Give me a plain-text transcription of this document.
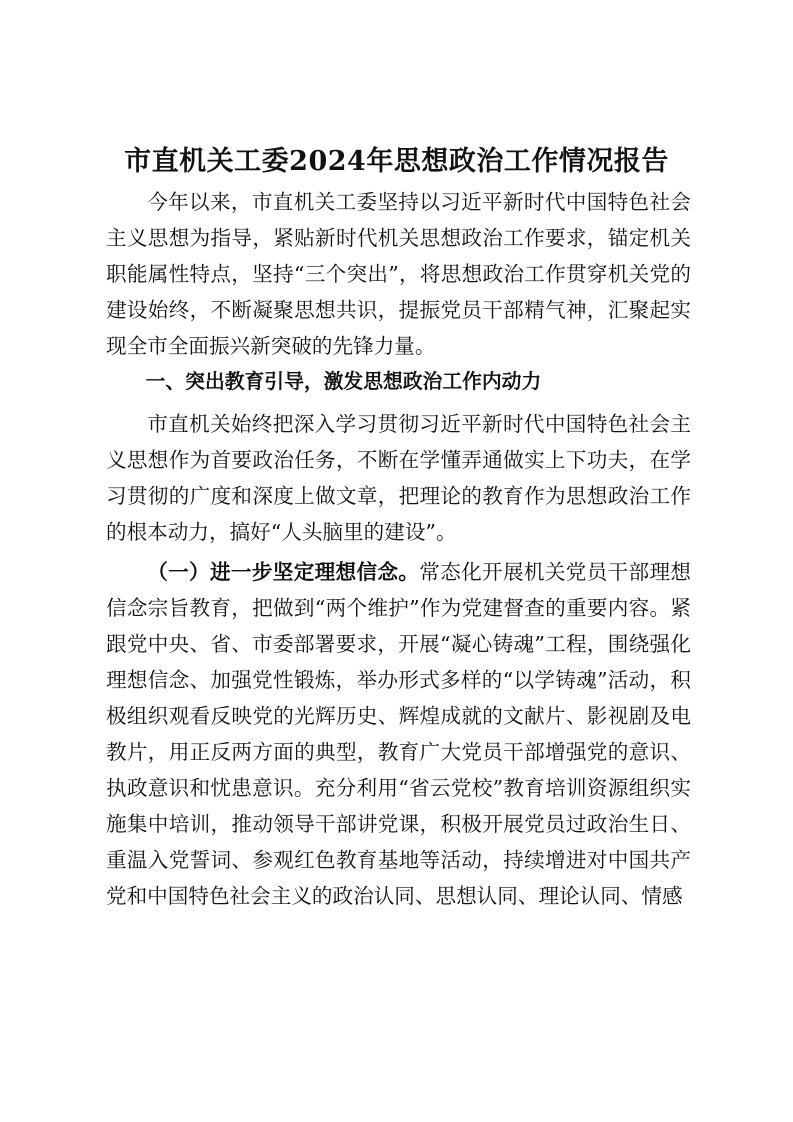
市直机关工委2024年思想政治工作情况报告

今年以来，市直机关工委坚持以习近平新时代中国特色社会主义思想为指导，紧贴新时代机关思想政治工作要求，锚定机关职能属性特点，坚持“三个突出”，将思想政治工作贯穿机关党的建设始终，不断凝聚思想共识，提振党员干部精气神，汇聚起实现全市全面振兴新突破的先锋力量。

一、突出教育引导，激发思想政治工作内动力

市直机关始终把深入学习贯彻习近平新时代中国特色社会主义思想作为首要政治任务，不断在学懂弄通做实上下功夫，在学习贯彻的广度和深度上做文章，把理论的教育作为思想政治工作的根本动力，搞好“人头脑里的建设”。

（一）进一步坚定理想信念。常态化开展机关党员干部理想信念宗旨教育，把做到“两个维护”作为党建督查的重要内容。紧跟党中央、省、市委部署要求，开展“凝心铸魂”工程，围绕强化理想信念、加强党性锻炼，举办形式多样的“以学铸魂”活动，积极组织观看反映党的光辉历史、辉煌成就的文献片、影视剧及电教片，用正反两方面的典型，教育广大党员干部增强党的意识、执政意识和忧患意识。充分利用“省云党校”教育培训资源组织实施集中培训，推动领导干部讲党课，积极开展党员过政治生日、重温入党誓词、参观红色教育基地等活动，持续增进对中国共产党和中国特色社会主义的政治认同、思想认同、理论认同、情感
